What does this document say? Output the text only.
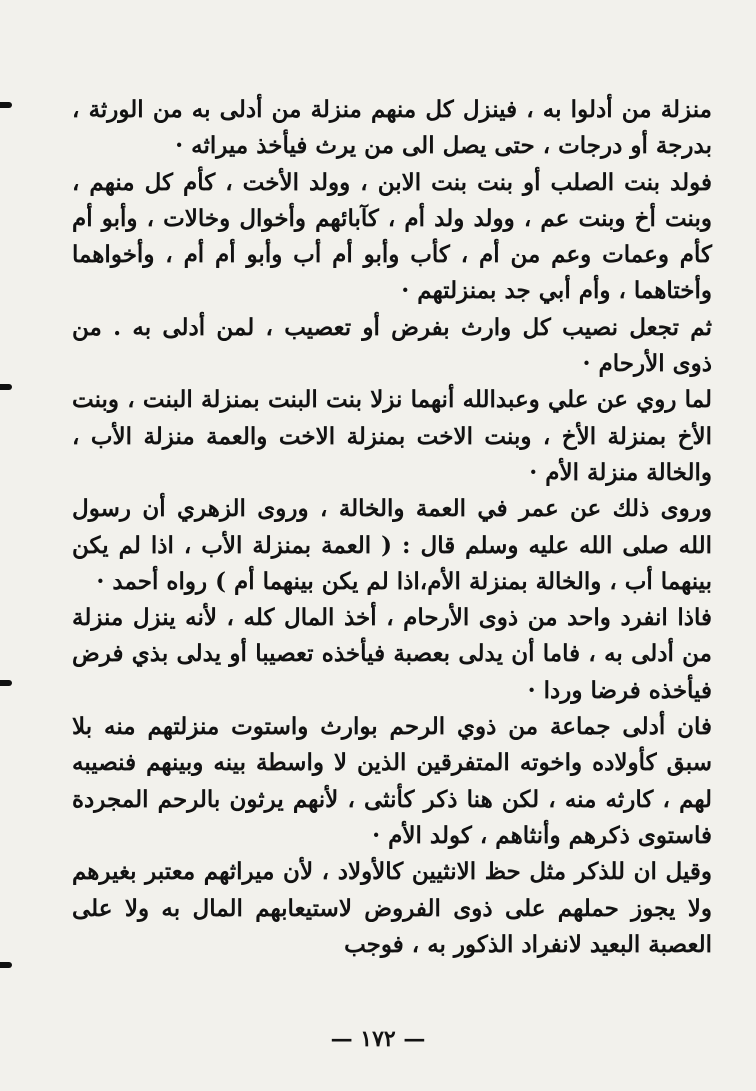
منزلة من أدلوا به ، فينزل كل منهم منزلة من أدلى به من الورثة ، بدرجة أو درجات ، حتى يصل الى من يرث فيأخذ ميراثه ·

فولد بنت الصلب أو بنت بنت الابن ، وولد الأخت ، كأم كل منهم ، وبنت أخ وبنت عم ، وولد ولد أم ، كآبائهم وأخوال وخالات ، وأبو أم كأم وعمات وعم من أم ، كأب وأبو أم أب وأبو أم أم ، وأخواهما وأختاهما ، وأم أبي جد بمنزلتهم ·

ثم تجعل نصيب كل وارث بفرض أو تعصيب ، لمن أدلى به . من ذوى الأرحام ·

لما روي عن علي وعبدالله أنهما نزلا بنت البنت بمنزلة البنت ، وبنت الأخ بمنزلة الأخ ، وبنت الاخت بمنزلة الاخت والعمة منزلة الأب ، والخالة منزلة الأم ·

وروى ذلك عن عمر في العمة والخالة ، وروى الزهري أن رسول الله صلى الله عليه وسلم قال : ( العمة بمنزلة الأب ، اذا لم يكن بينهما أب ، والخالة بمنزلة الأم،اذا لم يكن بينهما أم ) رواه أحمد ·

فاذا انفرد واحد من ذوى الأرحام ، أخذ المال كله ، لأنه ينزل منزلة من أدلى به ، فاما أن يدلى بعصبة فيأخذه تعصيبا أو يدلى بذي فرض فيأخذه فرضا وردا ·

فان أدلى جماعة من ذوي الرحم بوارث واستوت منزلتهم منه بلا سبق كأولاده واخوته المتفرقين الذين لا واسطة بينه وبينهم فنصيبه لهم ، كارثه منه ، لكن هنا ذكر كأنثى ، لأنهم يرثون بالرحم المجردة فاستوى ذكرهم وأنثاهم ، كولد الأم ·

وقيل ان للذكر مثل حظ الانثيين كالأولاد ، لأن ميراثهم معتبر بغيرهم ولا يجوز حملهم على ذوى الفروض لاستيعابهم المال به ولا على العصبة البعيد لانفراد الذكور به ، فوجب

— ١٧٢ —
